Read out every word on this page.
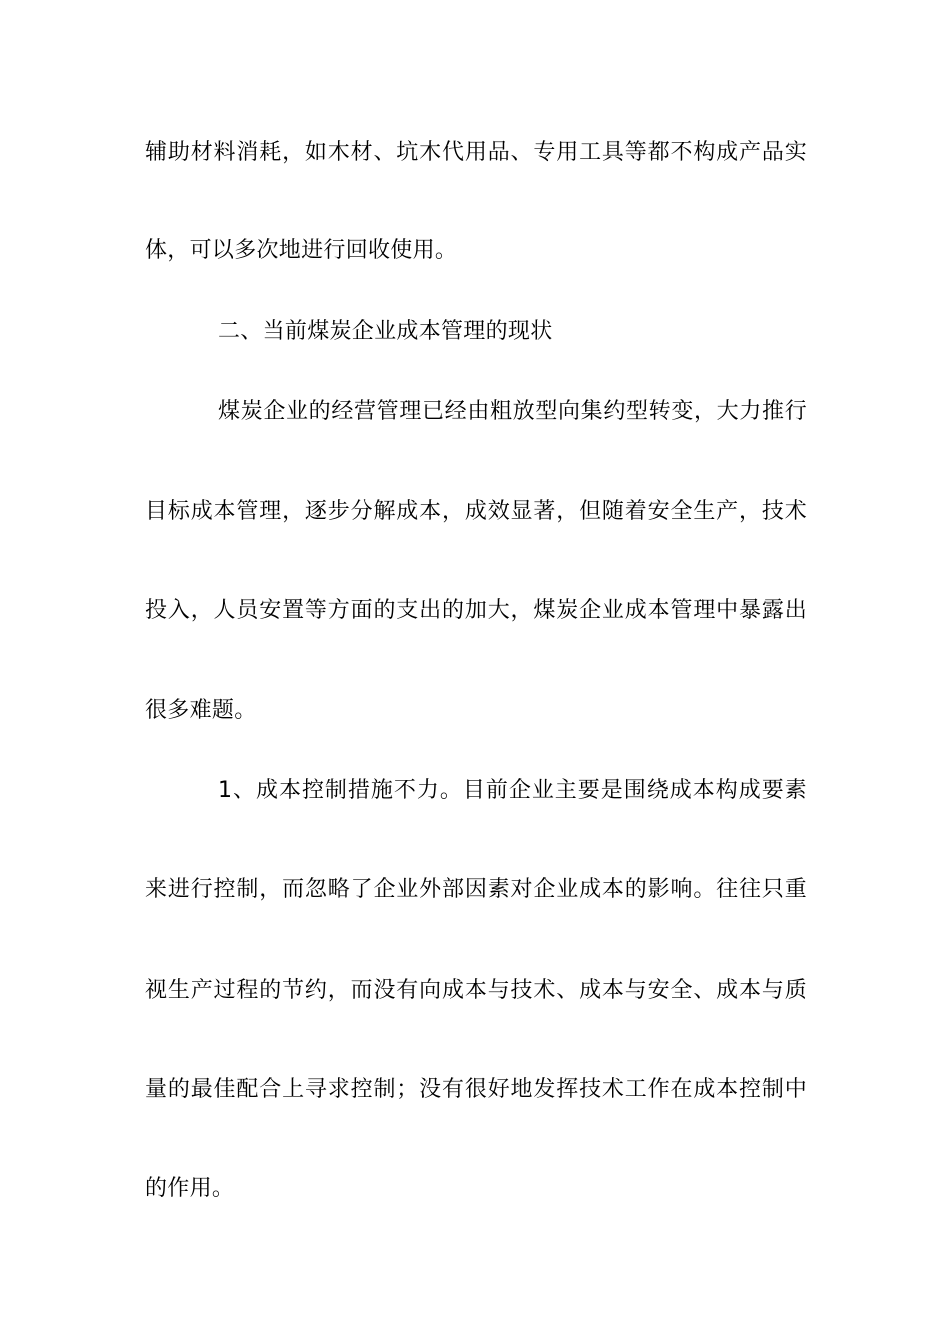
辅助材料消耗，如木材、坑木代用品、专用工具等都不构成产品实
体，可以多次地进行回收使用。
二、当前煤炭企业成本管理的现状
煤炭企业的经营管理已经由粗放型向集约型转变，大力推行
目标成本管理，逐步分解成本，成效显著，但随着安全生产，技术
投入，人员安置等方面的支出的加大，煤炭企业成本管理中暴露出
很多难题。
1、成本控制措施不力。目前企业主要是围绕成本构成要素
来进行控制，而忽略了企业外部因素对企业成本的影响。往往只重
视生产过程的节约，而没有向成本与技术、成本与安全、成本与质
量的最佳配合上寻求控制；没有很好地发挥技术工作在成本控制中
的作用。
